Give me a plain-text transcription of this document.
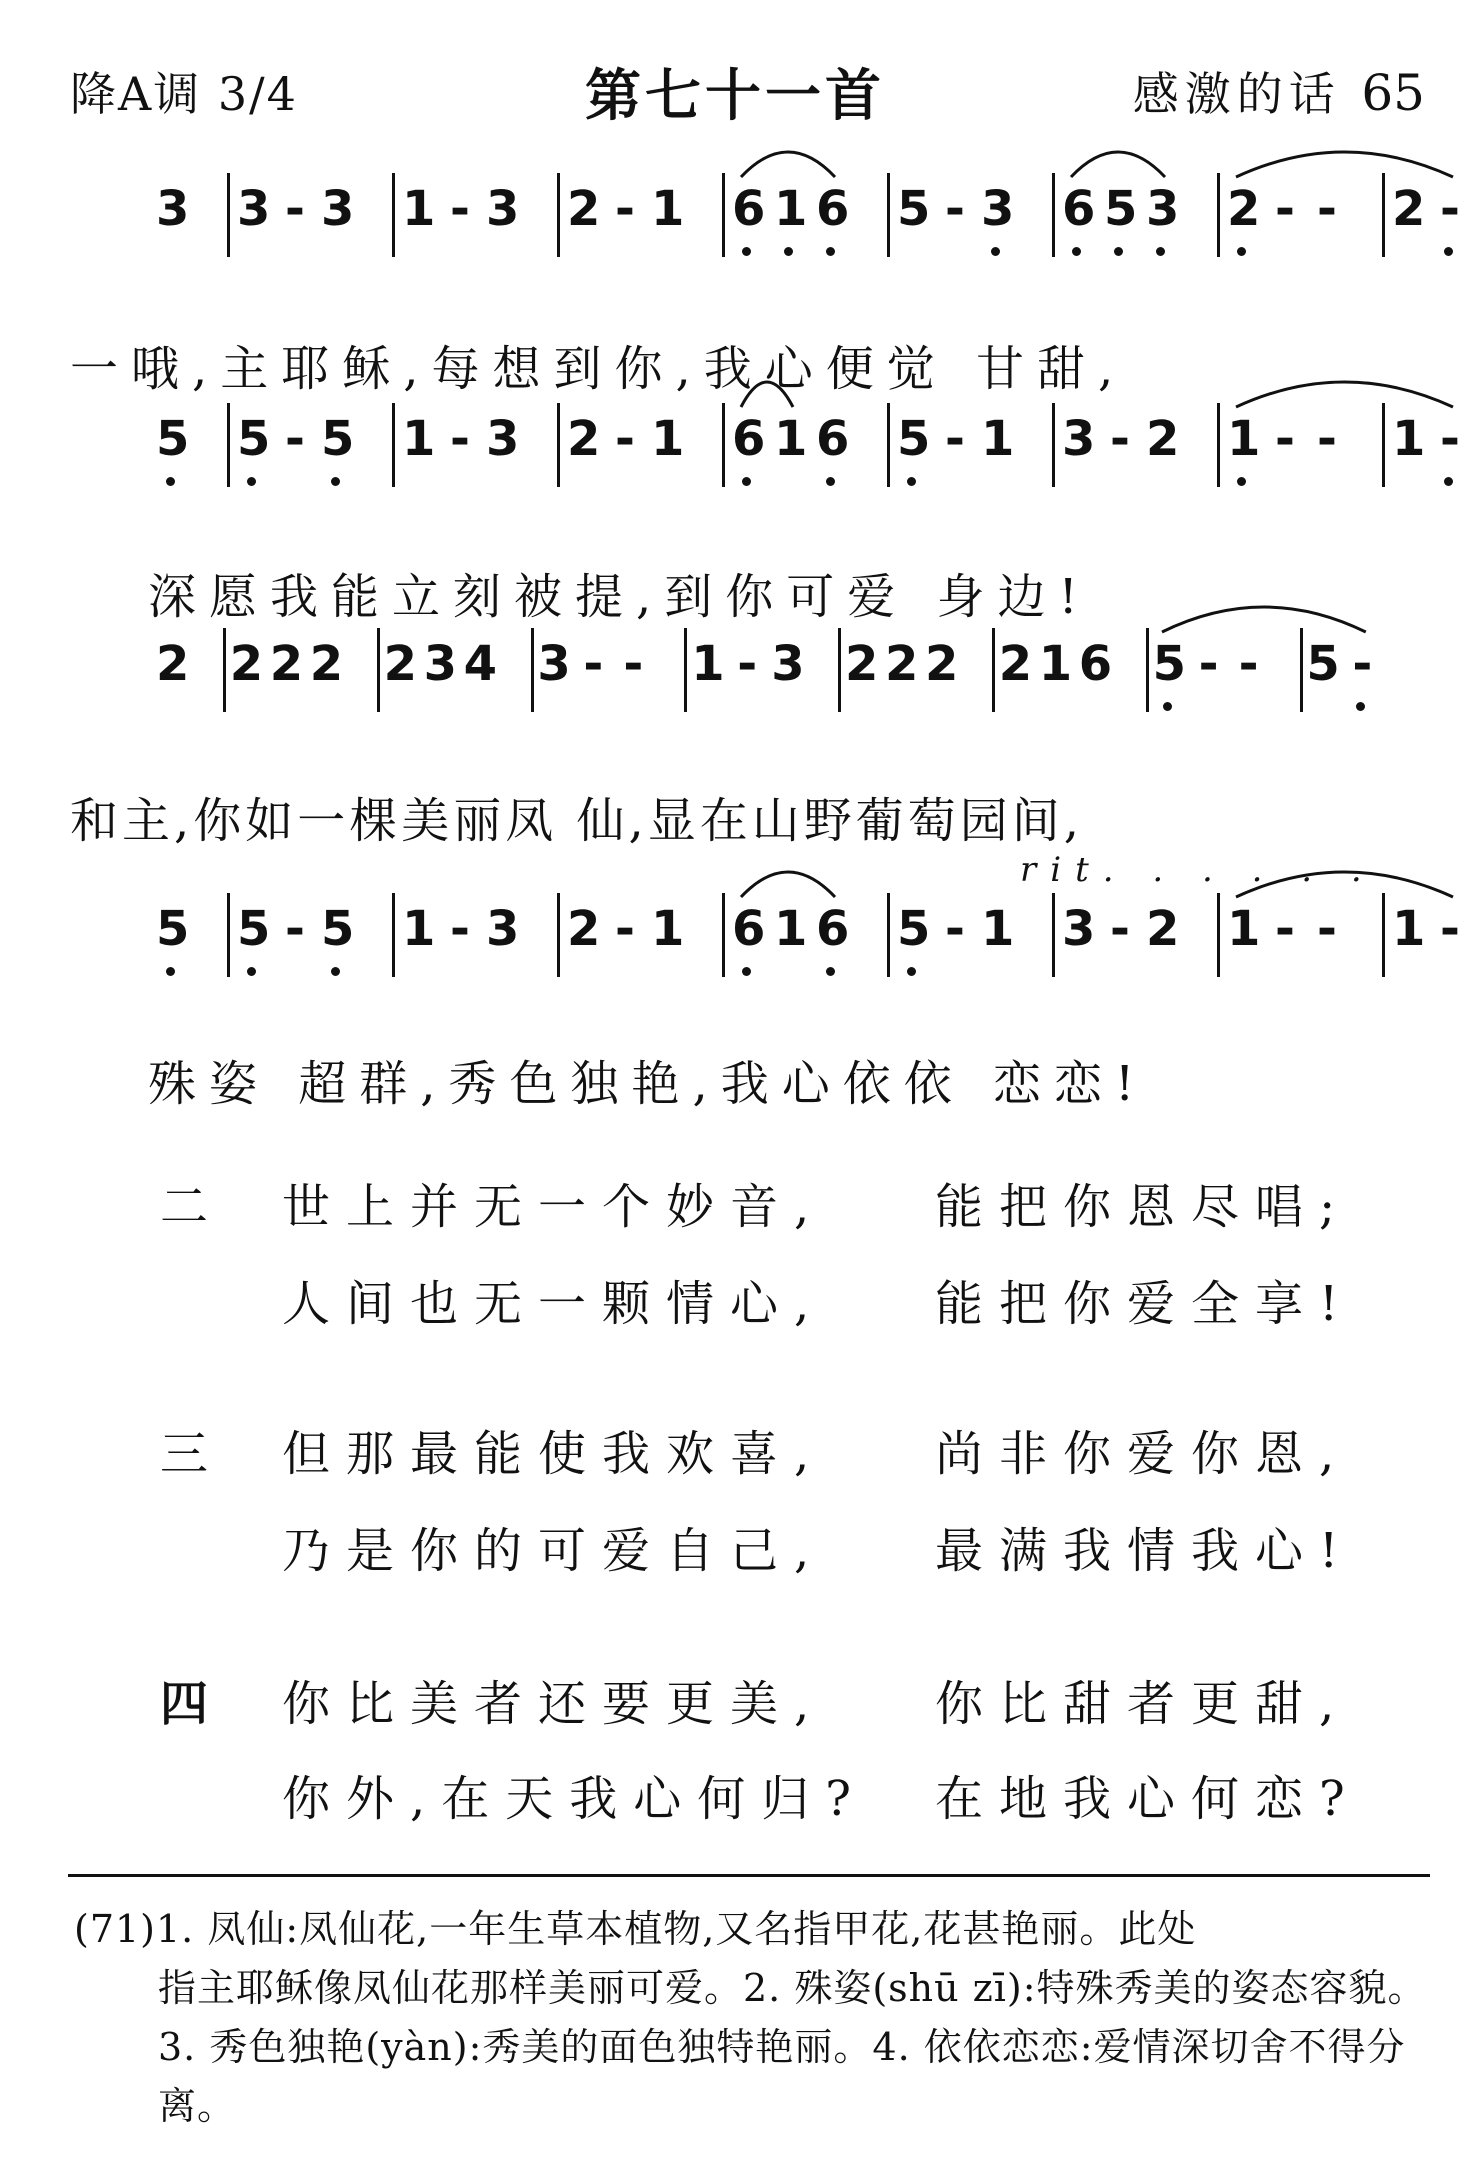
降A调 3/4	第七十一首	感激的话 65
3 3 - 3 1 - 3 2 - 1 6 1 6 5 - 3 6 5 3 2 - - 2 -
一哦,主耶稣,每想到你,我心便觉 甘甜,
5 5 - 5 1 - 3 2 - 1 6 1 6 5 - 1 3 - 2 1 - - 1 -
深愿我能立刻被提,到你可爱 身边!
2 2 2 2 2 3 4 3 - - 1 - 3 2 2 2 2 1 6 5 - - 5 -
和主,你如一棵美丽凤 仙,显在山野葡萄园间,
rit. . . . . .
5 5 - 5 1 - 3 2 - 1 6 1 6 5 - 1 3 - 2 1 - - 1 -
殊姿 超群,秀色独艳,我心依依 恋恋!
二 世上并无一个妙音, 能把你恩尽唱;
人间也无一颗情心, 能把你爱全享!
三 但那最能使我欢喜, 尚非你爱你恩,
乃是你的可爱自己, 最满我情我心!
四 你比美者还要更美, 你比甜者更甜,
你外,在天我心何归? 在地我心何恋?
(71)1. 凤仙:凤仙花,一年生草本植物,又名指甲花,花甚艳丽。此处
指主耶稣像凤仙花那样美丽可爱。2. 殊姿(shū zī):特殊秀美的姿态容貌。3. 秀色独艳(yàn):秀美的面色独特艳丽。4. 依依恋恋:爱情深切舍不得分离。
